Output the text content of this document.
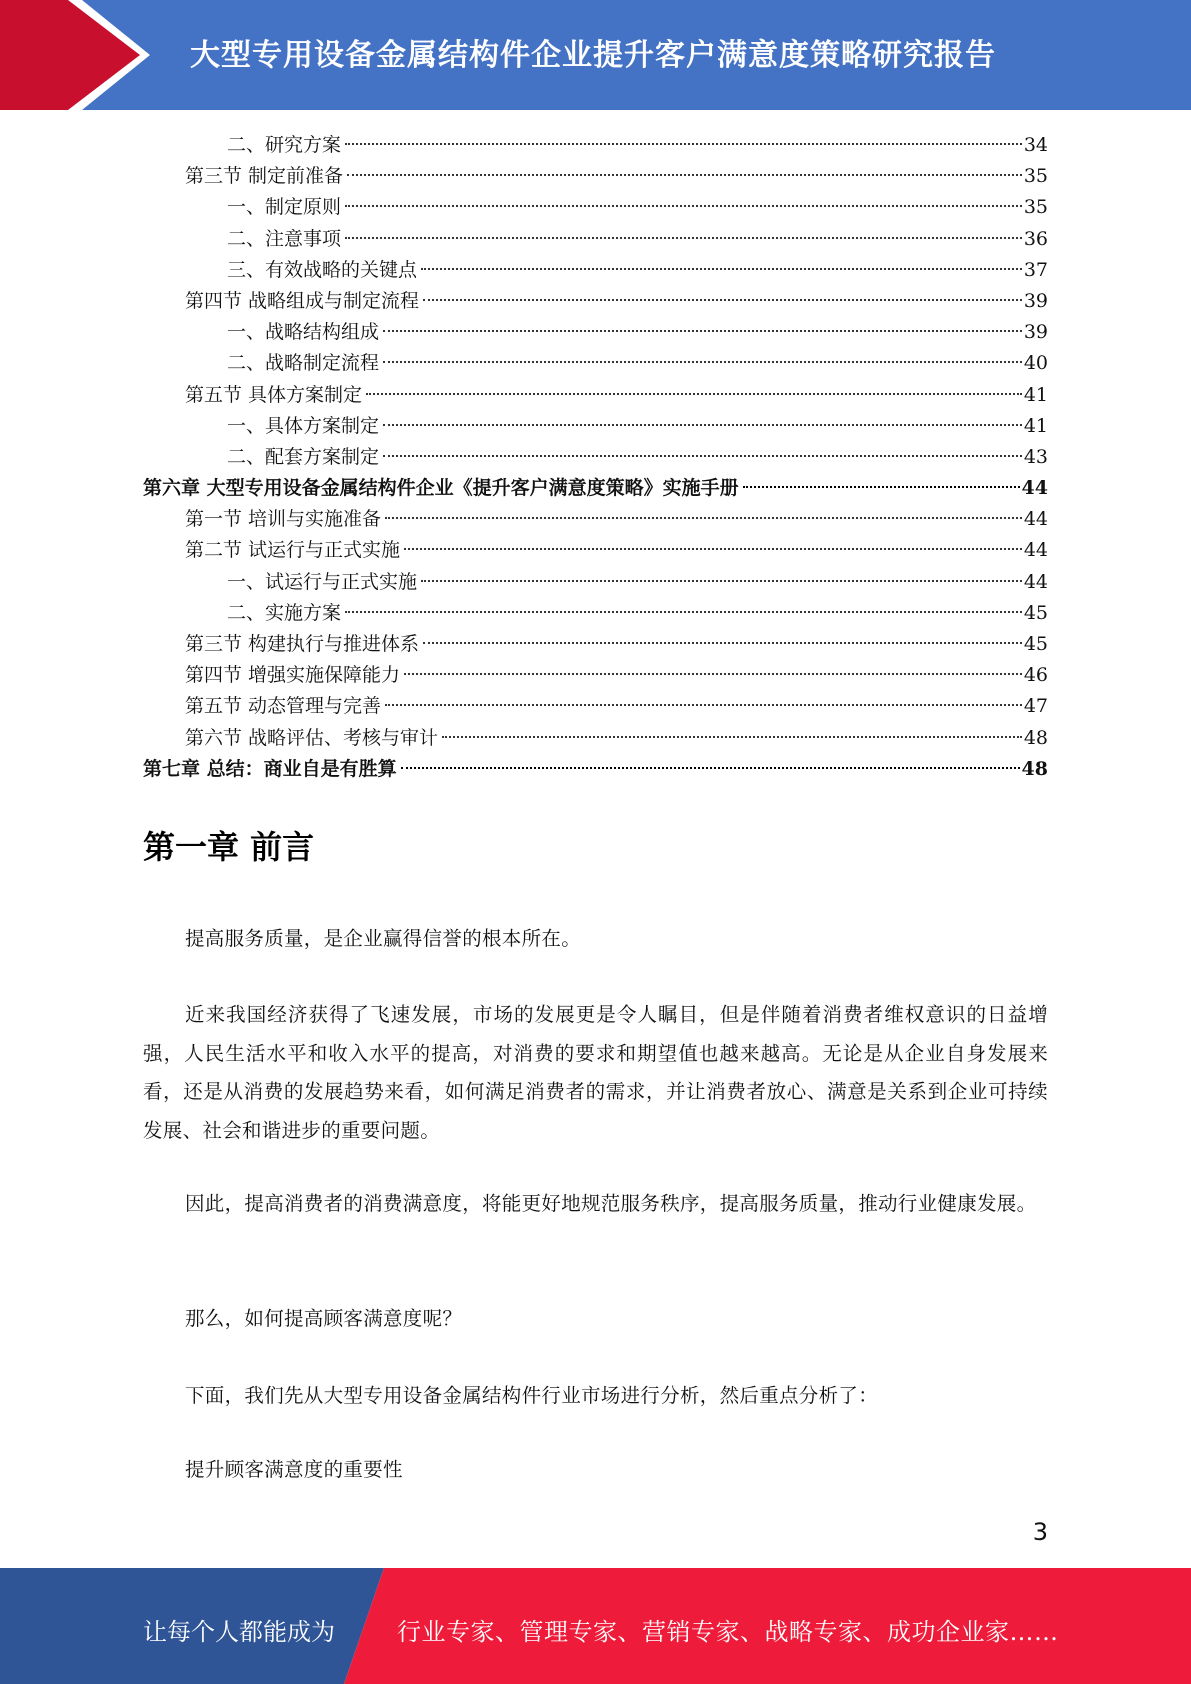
大型专用设备金属结构件企业提升客户满意度策略研究报告
二、研究方案	34
第三节 制定前准备	35
一、制定原则	35
二、注意事项	36
三、有效战略的关键点	37
第四节 战略组成与制定流程	39
一、战略结构组成	39
二、战略制定流程	40
第五节 具体方案制定	41
一、具体方案制定	41
二、配套方案制定	43
第六章 大型专用设备金属结构件企业《提升客户满意度策略》实施手册	44
第一节 培训与实施准备	44
第二节 试运行与正式实施	44
一、试运行与正式实施	44
二、实施方案	45
第三节 构建执行与推进体系	45
第四节 增强实施保障能力	46
第五节 动态管理与完善	47
第六节 战略评估、考核与审计	48
第七章 总结：商业自是有胜算	48
第一章 前言
提高服务质量，是企业赢得信誉的根本所在。
近来我国经济获得了飞速发展，市场的发展更是令人瞩目，但是伴随着消费者维权意识的日益增强，人民生活水平和收入水平的提高，对消费的要求和期望值也越来越高。无论是从企业自身发展来看，还是从消费的发展趋势来看，如何满足消费者的需求，并让消费者放心、满意是关系到企业可持续发展、社会和谐进步的重要问题。
因此，提高消费者的消费满意度，将能更好地规范服务秩序，提高服务质量，推动行业健康发展。
那么，如何提高顾客满意度呢？
下面，我们先从大型专用设备金属结构件行业市场进行分析，然后重点分析了：
提升顾客满意度的重要性
3
让每个人都能成为	行业专家、管理专家、营销专家、战略专家、成功企业家……
